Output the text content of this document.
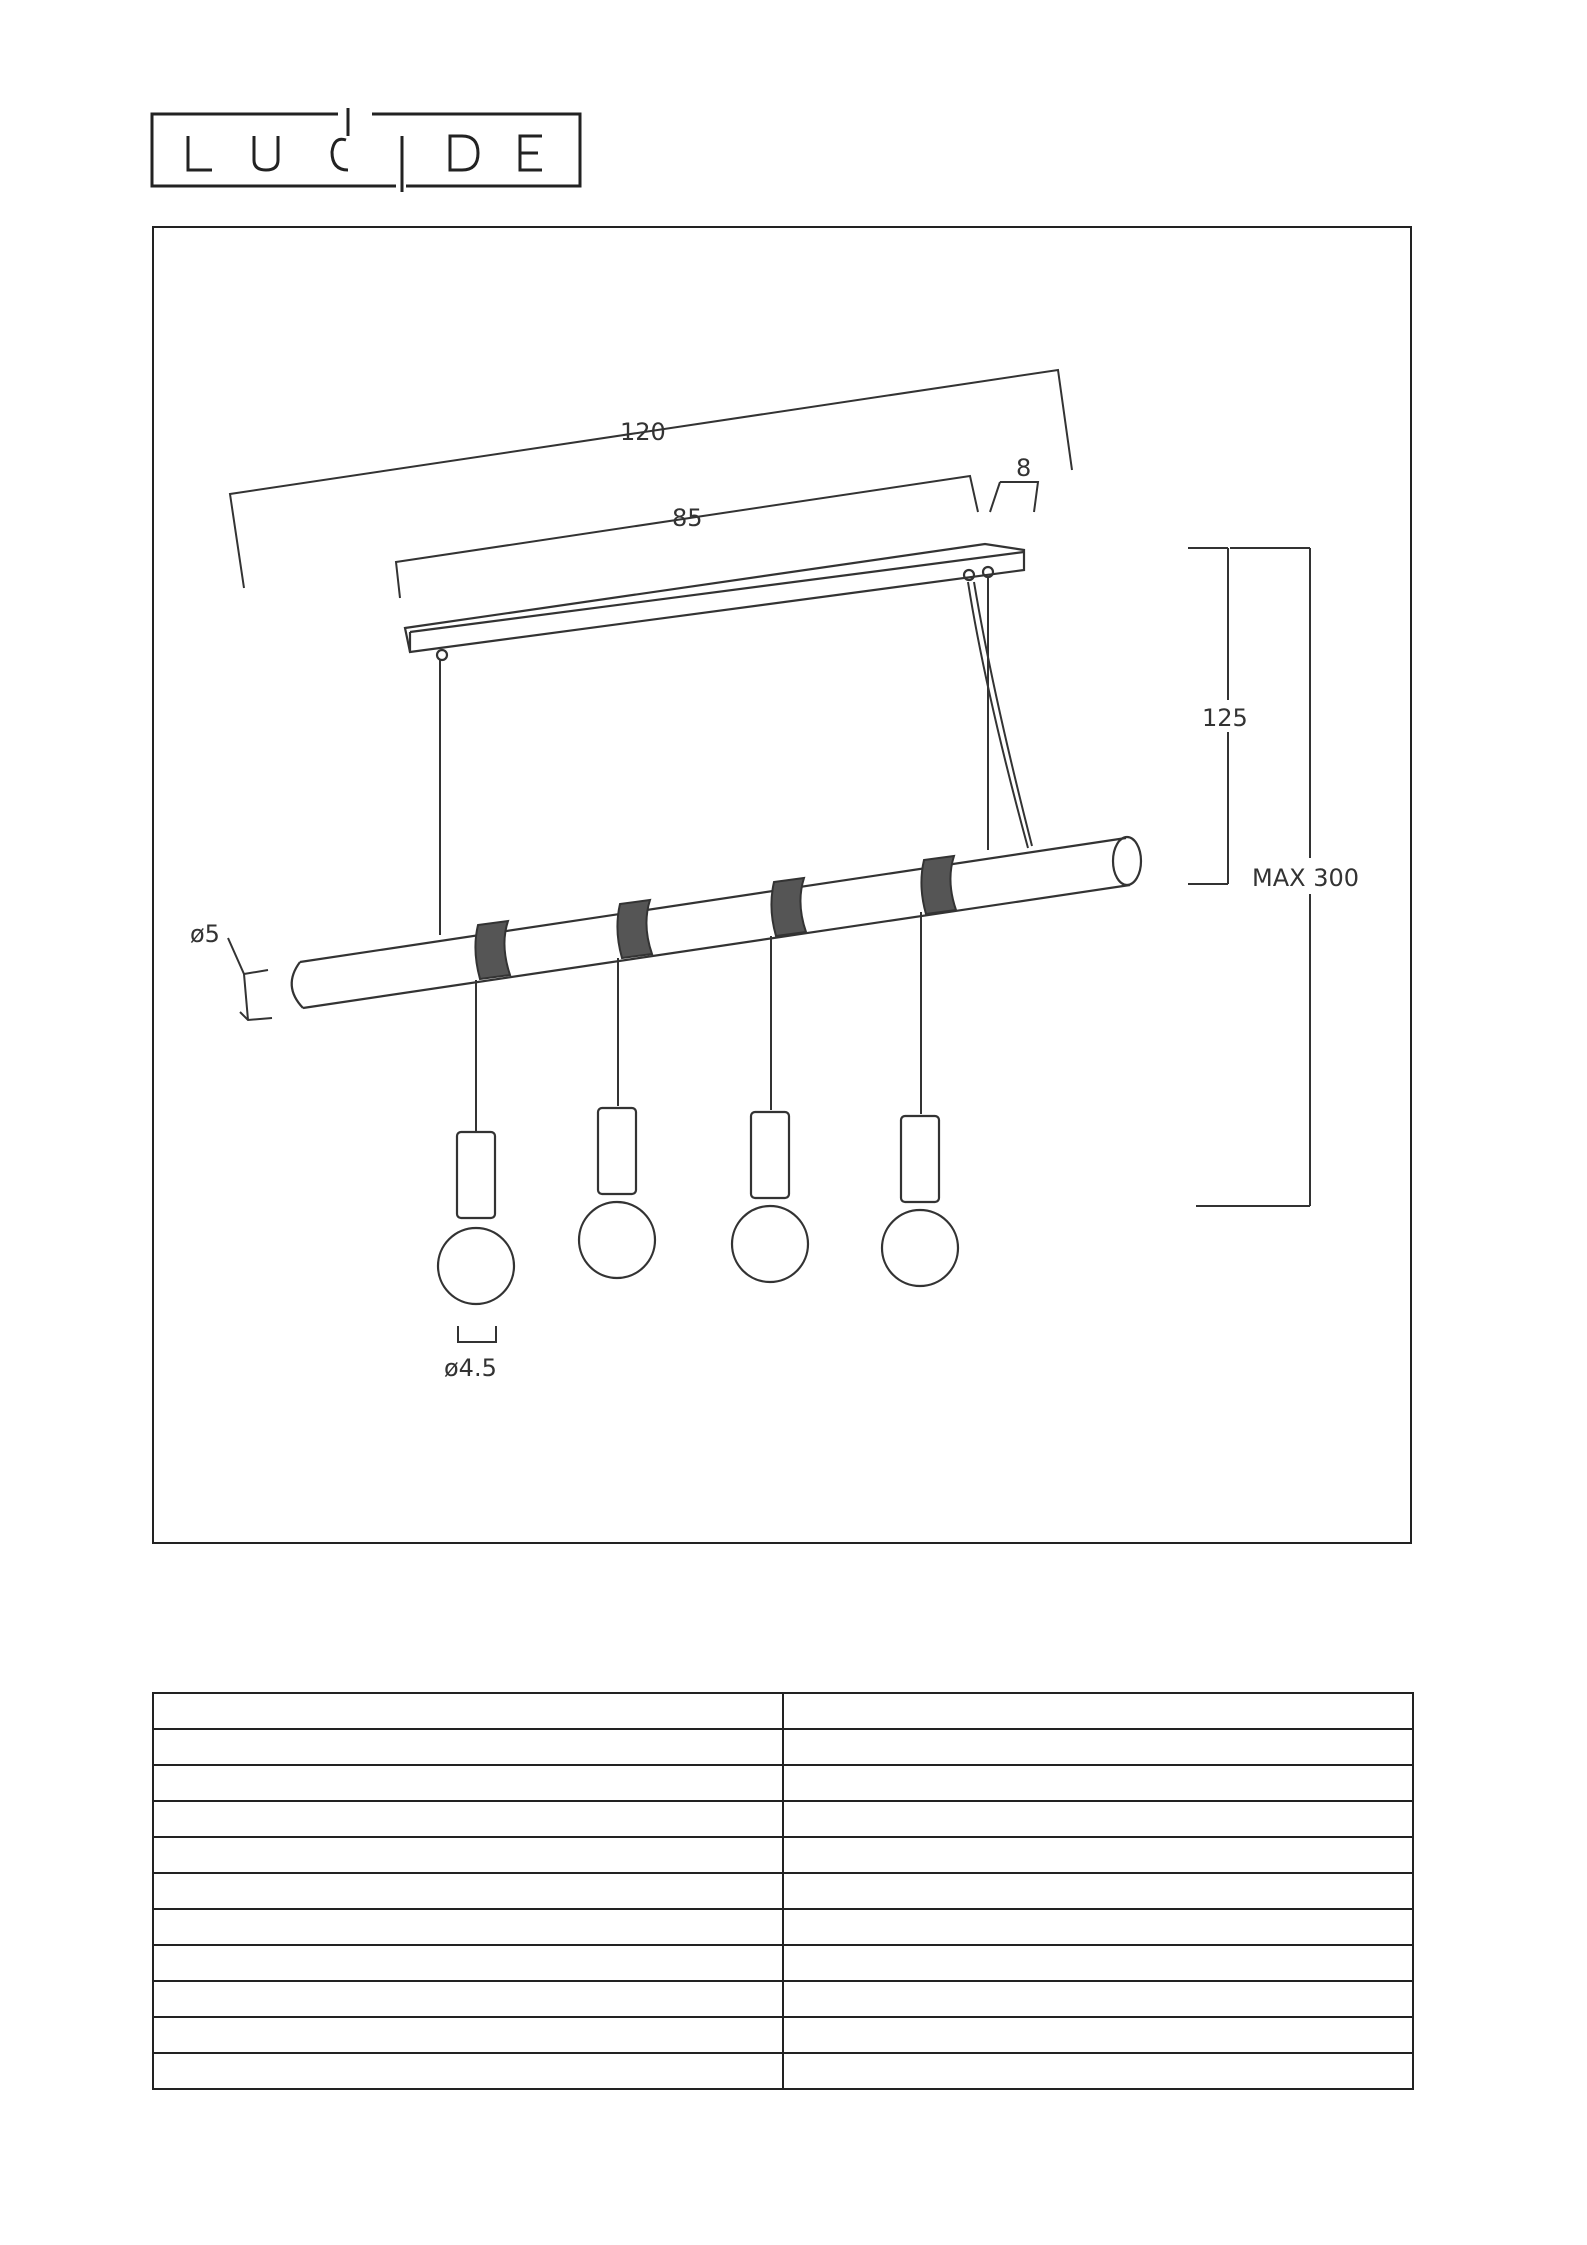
120
85
8
ø5
ø4.5
125
MAX 300
